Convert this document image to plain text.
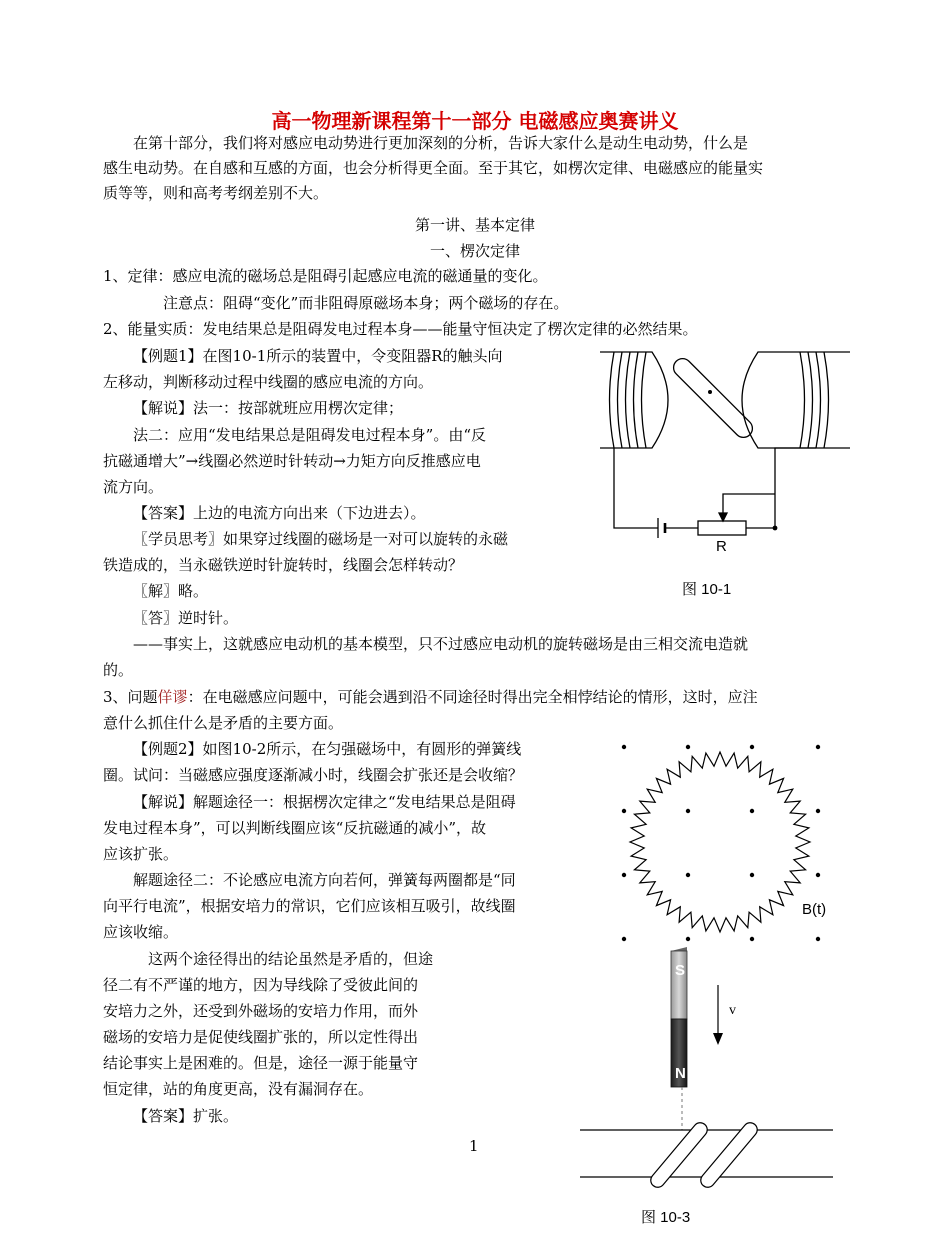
高一物理新课程第十一部分 电磁感应奥赛讲义
在第十部分，我们将对感应电动势进行更加深刻的分析，告诉大家什么是动生电动势，什么是
感生电动势。在自感和互感的方面，也会分析得更全面。至于其它，如楞次定律、电磁感应的能量实
质等等，则和高考考纲差别不大。
第一讲、基本定律
一、楞次定律
1、定律：感应电流的磁场总是阻碍引起感应电流的磁通量的变化。
注意点：阻碍“变化”而非阻碍原磁场本身；两个磁场的存在。
2、能量实质：发电结果总是阻碍发电过程本身——能量守恒决定了楞次定律的必然结果。
【例题1】在图10-1所示的装置中，令变阻器R的触头向
左移动，判断移动过程中线圈的感应电流的方向。
【解说】法一：按部就班应用楞次定律；
法二：应用“发电结果总是阻碍发电过程本身”。由“反
抗磁通增大”→线圈必然逆时针转动→力矩方向反推感应电
流方向。
【答案】上边的电流方向出来（下边进去）。
〖学员思考〗如果穿过线圈的磁场是一对可以旋转的永磁
铁造成的，当永磁铁逆时针旋转时，线圈会怎样转动？
〖解〗略。
〖答〗逆时针。
——事实上，这就感应电动机的基本模型，只不过感应电动机的旋转磁场是由三相交流电造就
的。
3、问题佯谬：在电磁感应问题中，可能会遇到沿不同途径时得出完全相悖结论的情形，这时，应注
意什么抓住什么是矛盾的主要方面。
【例题2】如图10-2所示，在匀强磁场中，有圆形的弹簧线
圈。试问：当磁感应强度逐渐减小时，线圈会扩张还是会收缩？
【解说】解题途径一：根据楞次定律之“发电结果总是阻碍
发电过程本身”，可以判断线圈应该“反抗磁通的减小”，故
应该扩张。
解题途径二：不论感应电流方向若何，弹簧每两圈都是“同
向平行电流”，根据安培力的常识，它们应该相互吸引，故线圈
应该收缩。
这两个途径得出的结论虽然是矛盾的，但途
径二有不严谨的地方，因为导线除了受彼此间的
安培力之外，还受到外磁场的安培力作用，而外
磁场的安培力是促使线圈扩张的，所以定性得出
结论事实上是困难的。但是，途径一源于能量守
恒定律，站的角度更高，没有漏洞存在。
【答案】扩张。
1
R
图 10-1
B(t)
S
N
v
图 10-3
